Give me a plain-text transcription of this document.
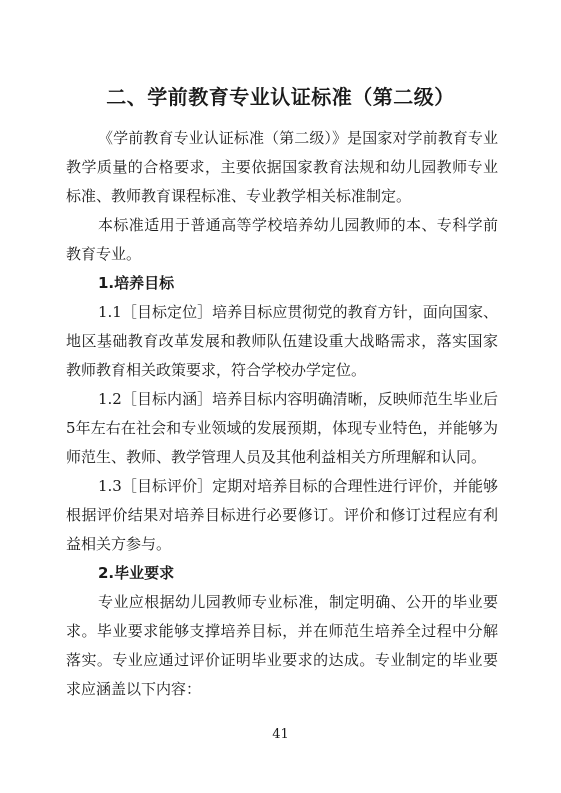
二、学前教育专业认证标准（第二级）

《学前教育专业认证标准（第二级）》是国家对学前教育专业教学质量的合格要求，主要依据国家教育法规和幼儿园教师专业标准、教师教育课程标准、专业教学相关标准制定。

本标准适用于普通高等学校培养幼儿园教师的本、专科学前教育专业。

1.培养目标

1.1［目标定位］培养目标应贯彻党的教育方针，面向国家、地区基础教育改革发展和教师队伍建设重大战略需求，落实国家教师教育相关政策要求，符合学校办学定位。

1.2［目标内涵］培养目标内容明确清晰，反映师范生毕业后5年左右在社会和专业领域的发展预期，体现专业特色，并能够为师范生、教师、教学管理人员及其他利益相关方所理解和认同。

1.3［目标评价］定期对培养目标的合理性进行评价，并能够根据评价结果对培养目标进行必要修订。评价和修订过程应有利益相关方参与。

2.毕业要求

专业应根据幼儿园教师专业标准，制定明确、公开的毕业要求。毕业要求能够支撑培养目标，并在师范生培养全过程中分解落实。专业应通过评价证明毕业要求的达成。专业制定的毕业要求应涵盖以下内容：

41
